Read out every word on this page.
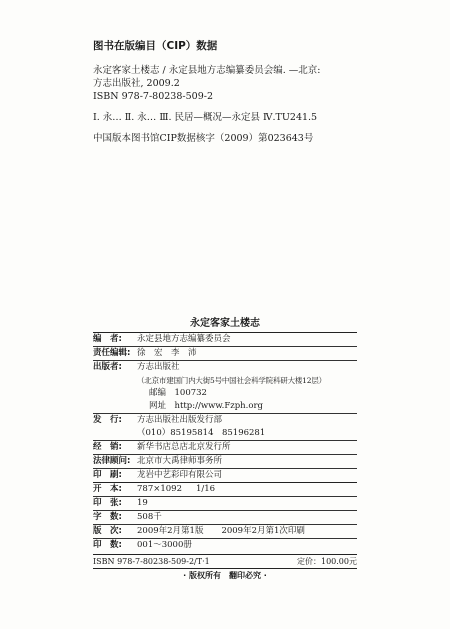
图书在版编目（CIP）数据
永定客家土楼志 / 永定县地方志编纂委员会编. —北京:
方志出版社, 2009.2
ISBN 978-7-80238-509-2
Ⅰ. 永… Ⅱ. 永… Ⅲ. 民居—概况—永定县 Ⅳ.TU241.5
中国版本图书馆CIP数据核字（2009）第023643号
永定客家土楼志
编　者:	永定县地方志编纂委员会
责任编辑: 徐　宏　李　沛
出版者:	方志出版社
（北京市建国门内大街5号中国社会科学院科研大楼12层）
邮编　100732
网址　http://www.Fzph.org
发　行:	方志出版社出版发行部
（010）85195814　85196281
经　销:	新华书店总店北京发行所
法律顾问: 北京市大禹律师事务所
印　刷:	龙岩中艺彩印有限公司
开　本:	787×1092 1/16
印　张:	19
字　数:	508千
版　次:	2009年2月第1版 2009年2月第1次印刷
印　数:	001～3000册
ISBN 978-7-80238-509-2/T·1	定价：100.00元
· 版权所有　翻印必究 ·
